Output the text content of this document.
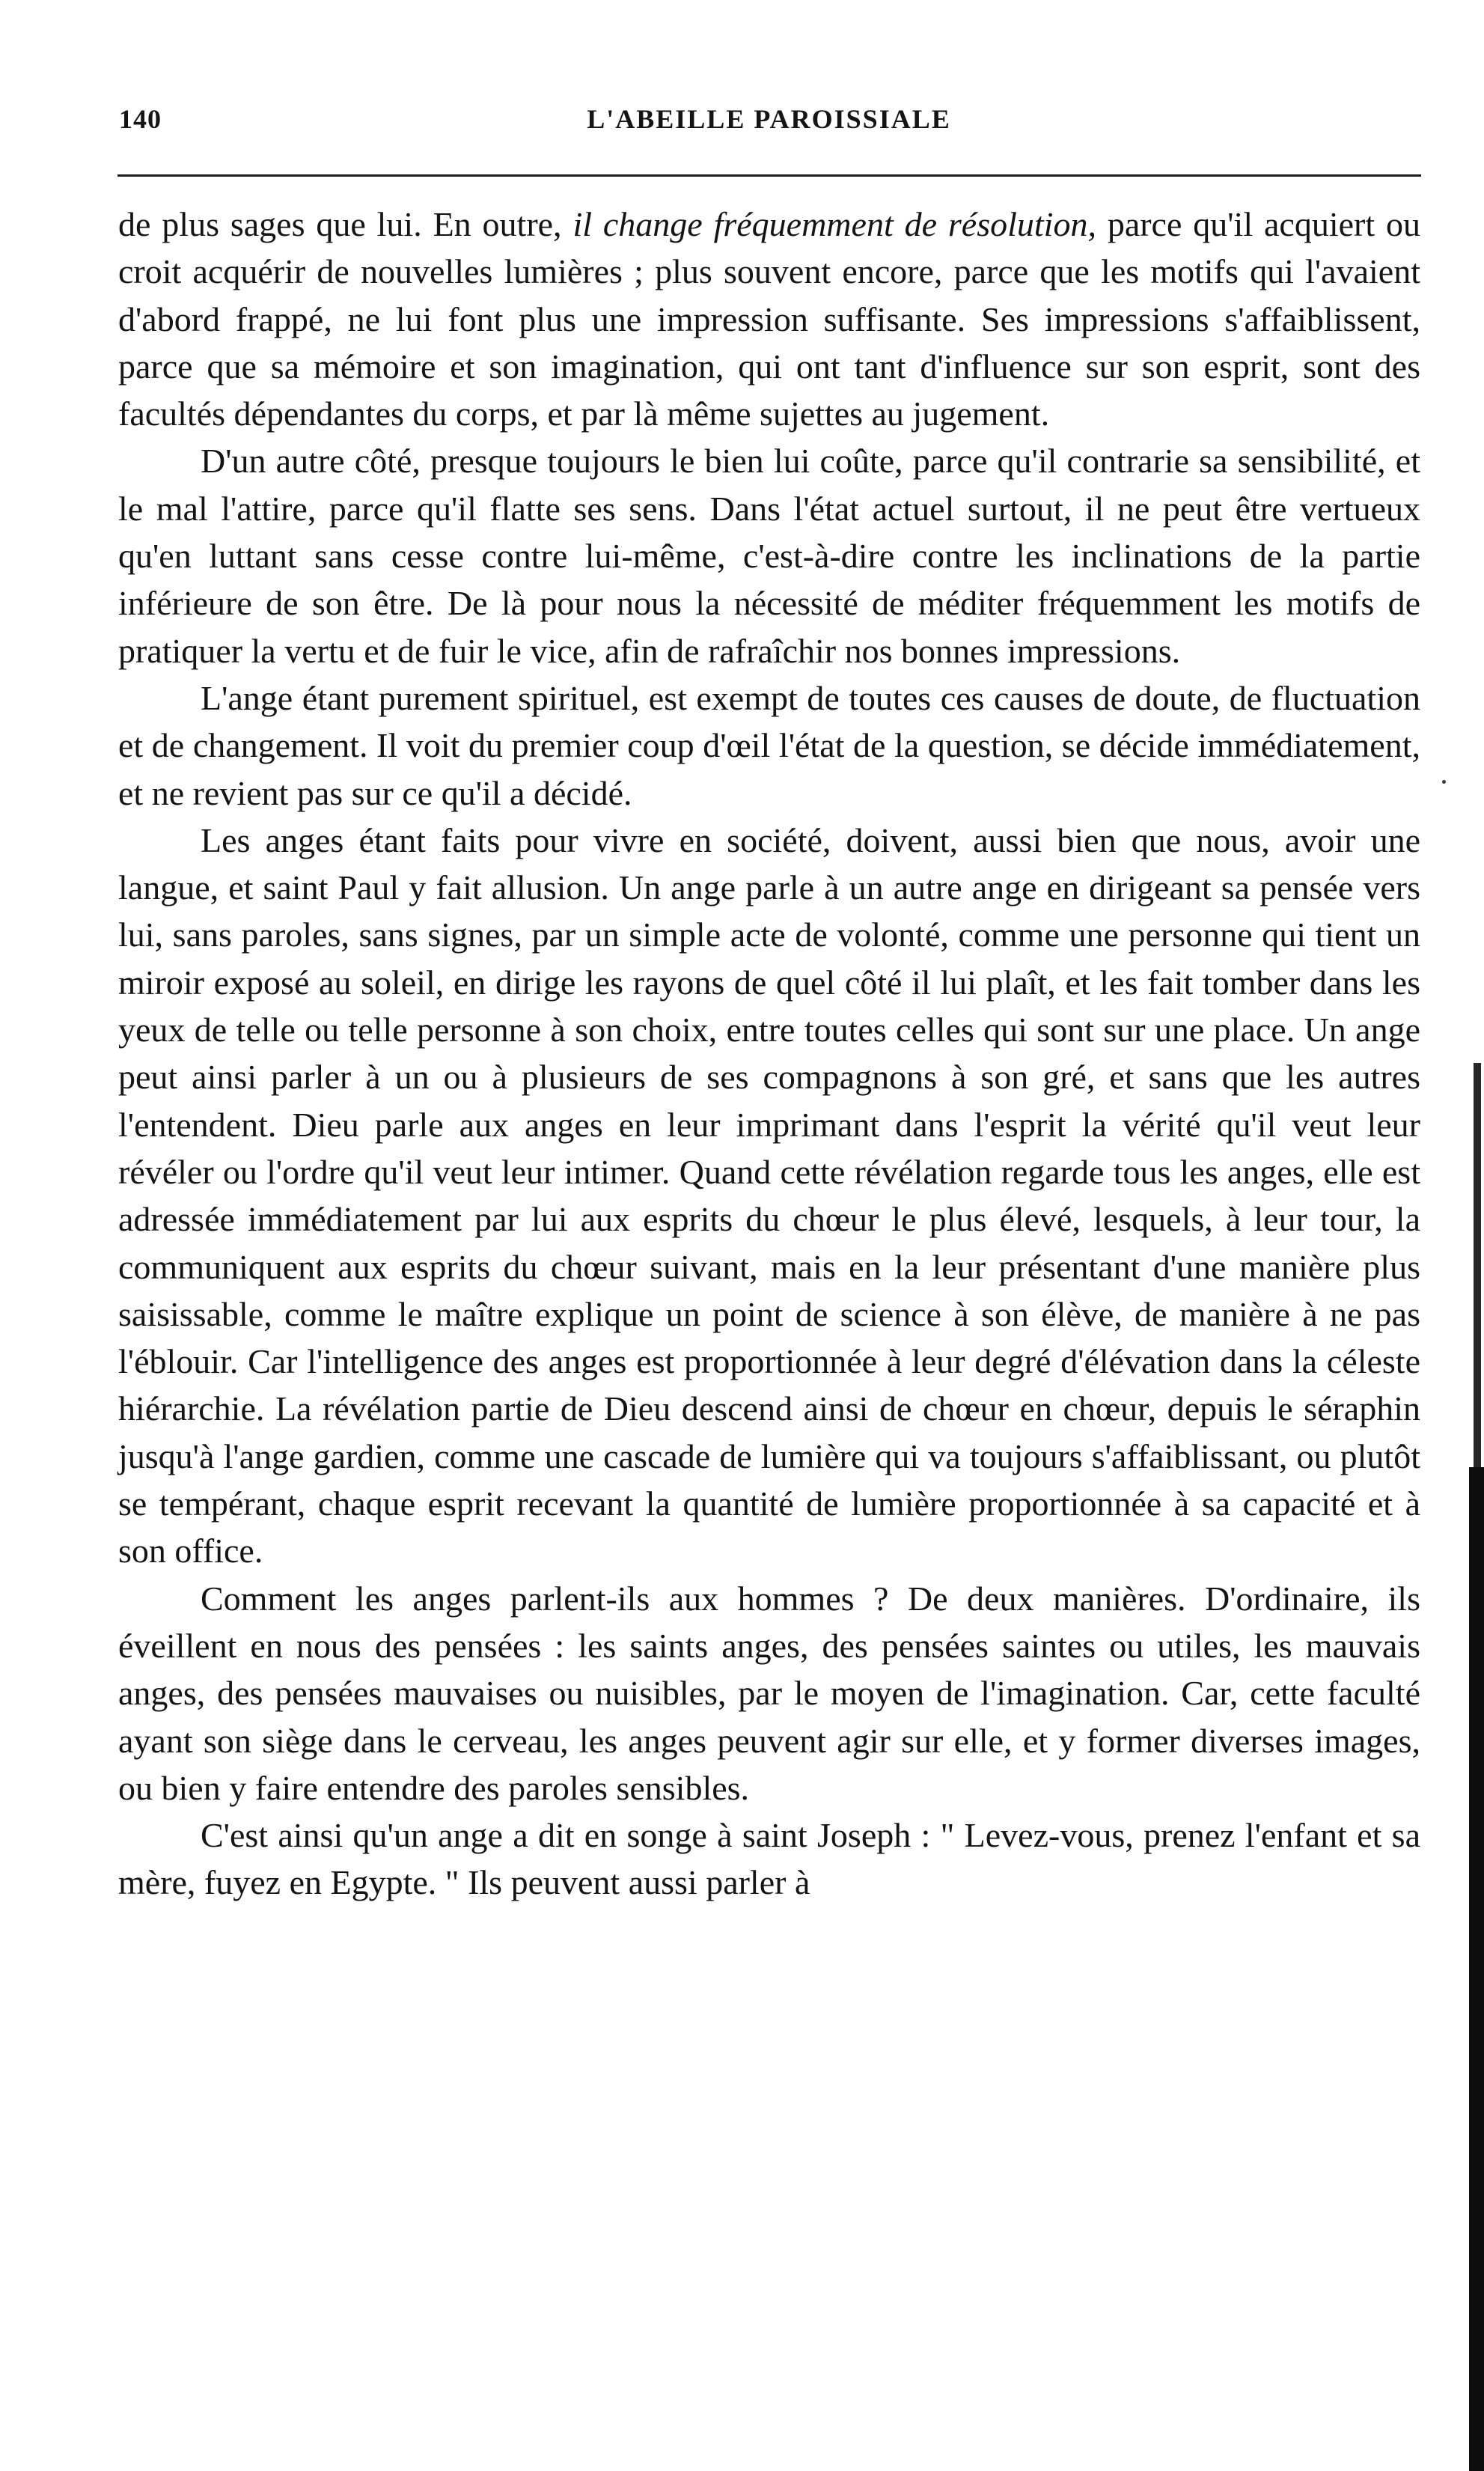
140	L'ABEILLE PAROISSIALE

de plus sages que lui. En outre, il change fréquemment de résolution, parce qu'il acquiert ou croit acquérir de nouvelles lumières ; plus souvent encore, parce que les motifs qui l'avaient d'abord frappé, ne lui font plus une impression suffisante. Ses impressions s'affaiblissent, parce que sa mémoire et son imagination, qui ont tant d'influence sur son esprit, sont des facultés dépendantes du corps, et par là même sujettes au jugement.

D'un autre côté, presque toujours le bien lui coûte, parce qu'il contrarie sa sensibilité, et le mal l'attire, parce qu'il flatte ses sens. Dans l'état actuel surtout, il ne peut être vertueux qu'en luttant sans cesse contre lui-même, c'est-à-dire contre les inclinations de la partie inférieure de son être. De là pour nous la nécessité de méditer fréquemment les motifs de pratiquer la vertu et de fuir le vice, afin de rafraîchir nos bonnes impressions.

L'ange étant purement spirituel, est exempt de toutes ces causes de doute, de fluctuation et de changement. Il voit du premier coup d'œil l'état de la question, se décide immédiatement, et ne revient pas sur ce qu'il a décidé.

Les anges étant faits pour vivre en société, doivent, aussi bien que nous, avoir une langue, et saint Paul y fait allusion. Un ange parle à un autre ange en dirigeant sa pensée vers lui, sans paroles, sans signes, par un simple acte de volonté, comme une personne qui tient un miroir exposé au soleil, en dirige les rayons de quel côté il lui plaît, et les fait tomber dans les yeux de telle ou telle personne à son choix, entre toutes celles qui sont sur une place. Un ange peut ainsi parler à un ou à plusieurs de ses compagnons à son gré, et sans que les autres l'entendent. Dieu parle aux anges en leur imprimant dans l'esprit la vérité qu'il veut leur révéler ou l'ordre qu'il veut leur intimer. Quand cette révélation regarde tous les anges, elle est adressée immédiatement par lui aux esprits du chœur le plus élevé, lesquels, à leur tour, la communiquent aux esprits du chœur suivant, mais en la leur présentant d'une manière plus saisissable, comme le maître explique un point de science à son élève, de manière à ne pas l'éblouir. Car l'intelligence des anges est proportionnée à leur degré d'élévation dans la céleste hiérarchie. La révélation partie de Dieu descend ainsi de chœur en chœur, depuis le séraphin jusqu'à l'ange gardien, comme une cascade de lumière qui va toujours s'affaiblissant, ou plutôt se tempérant, chaque esprit recevant la quantité de lumière proportionnée à sa capacité et à son office.

Comment les anges parlent-ils aux hommes ? De deux manières. D'ordinaire, ils éveillent en nous des pensées : les saints anges, des pensées saintes ou utiles, les mauvais anges, des pensées mauvaises ou nuisibles, par le moyen de l'imagination. Car, cette faculté ayant son siège dans le cerveau, les anges peuvent agir sur elle, et y former diverses images, ou bien y faire entendre des paroles sensibles.

C'est ainsi qu'un ange a dit en songe à saint Joseph : " Levez-vous, prenez l'enfant et sa mère, fuyez en Egypte. " Ils peuvent aussi parler à
